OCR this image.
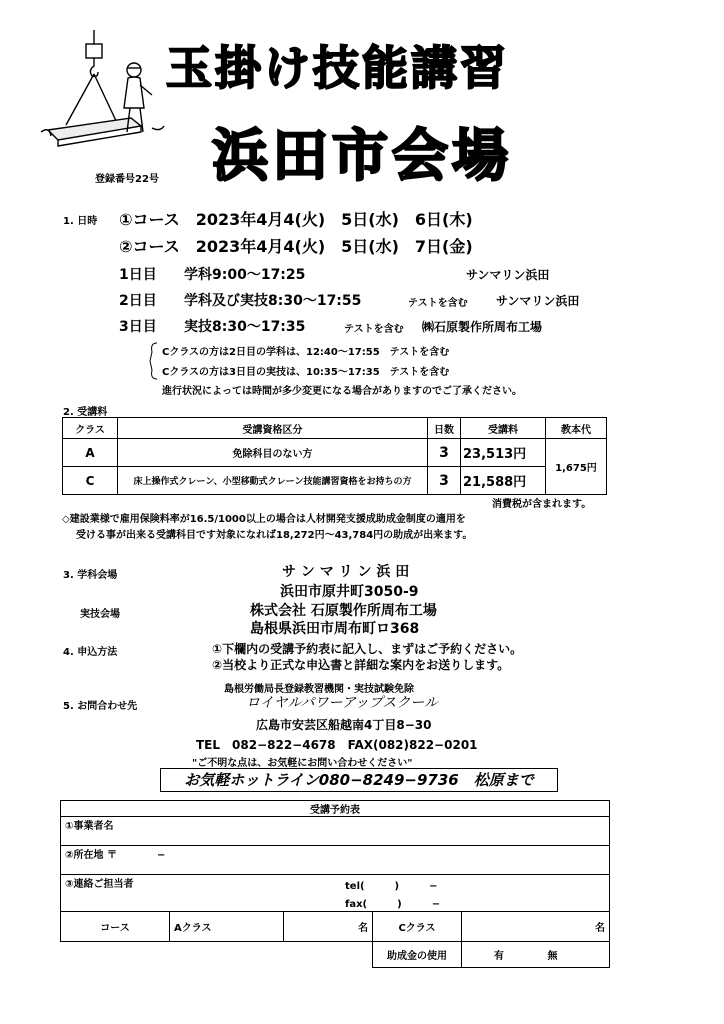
玉掛け技能講習
浜田市会場
登録番号22号
1. 日時 ①コース　2023年4月4(火)　5日(水)　6日(木)
②コース　2023年4月4(火)　5日(水)　7日(金)
1日目 学科9:00〜17:25	サンマリン浜田
2日目 学科及び実技8:30〜17:55	テストを含む サンマリン浜田
3日目 実技8:30〜17:35	テストを含む ㈱石原製作所周布工場
Cクラスの方は2日目の学科は、12:40〜17:55　テストを含む
Cクラスの方は3日目の実技は、10:35〜17:35　テストを含む
進行状況によっては時間が多少変更になる場合がありますのでご了承ください。
2. 受講料
クラス	受講資格区分	日数	受講料	教本代
A	免除科目のない方	3	23,513円	1,675円
C	床上操作式クレーン、小型移動式クレーン技能講習資格をお持ちの方	3	21,588円	
消費税が含まれます。
◇建設業様で雇用保険料率が16.5/1000以上の場合は人材開発支援成助成金制度の適用を
受ける事が出来る受講科目です対象になれば18,272円〜43,784円の助成が出来ます。
3. 学科会場	サ ン マ リ ン 浜 田
浜田市原井町3050-9
実技会場	株式会社 石原製作所周布工場
島根県浜田市周布町ロ368
4. 申込方法	①下欄内の受講予約表に記入し、まずはご予約ください。
②当校より正式な申込書と詳細な案内をお送りします。
島根労働局長登録教習機関・実技試験免除
5. お問合わせ先	ロイヤルパワーアップスクール
広島市安芸区船越南4丁目8−30
TEL　082−822−4678　FAX(082)822−0201
"ご不明な点は、お気軽にお問い合わせください"
お気軽ホットライン080−8249−9736　松原まで
受講予約表				
①事業者名				
②所在地 〒　　　　−				
③連絡ご担当者 tel(　　　)　　　−
fax(　　　)　　　−				

コース	Aクラス	名	Cクラス	名
			助成金の使用	有 無
